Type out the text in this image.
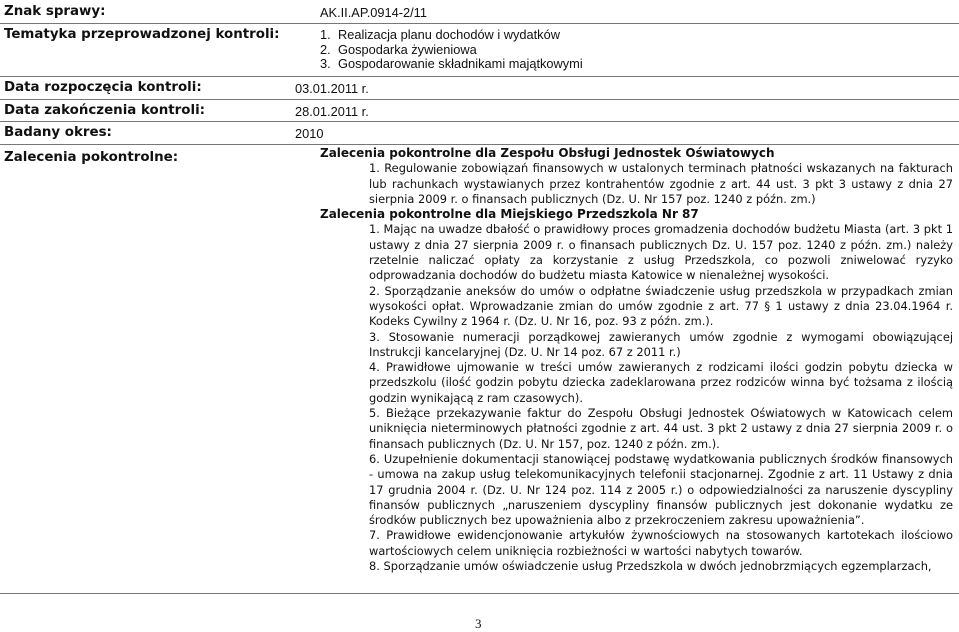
Znak sprawy:	AK.II.AP.0914-2/11
Tematyka przeprowadzonej kontroli:	1. Realizacja planu dochodów i wydatków
2. Gospodarka żywieniowa
3. Gospodarowanie składnikami majątkowymi
Data rozpoczęcia kontroli:	03.01.2011 r.
Data zakończenia kontroli:	28.01.2011 r.
Badany okres:	2010
Zalecenia pokontrolne:	Zalecenia pokontrolne dla Zespołu Obsługi Jednostek Oświatowych

1. Regulowanie zobowiązań finansowych w ustalonych terminach płatności wskazanych na fakturach lub rachunkach wystawianych przez kontrahentów zgodnie z art. 44 ust. 3 pkt 3 ustawy z dnia 27 sierpnia 2009 r. o finansach publicznych (Dz. U. Nr 157 poz. 1240 z późn. zm.)

Zalecenia pokontrolne dla Miejskiego Przedszkola Nr 87

1. Mając na uwadze dbałość o prawidłowy proces gromadzenia dochodów budżetu Miasta (art. 3 pkt 1 ustawy z dnia 27 sierpnia 2009 r. o finansach publicznych Dz. U. 157 poz. 1240 z późn. zm.) należy rzetelnie naliczać opłaty za korzystanie z usług Przedszkola, co pozwoli zniwelować ryzyko odprowadzania dochodów do budżetu miasta Katowice w nienależnej wysokości.

2. Sporządzanie aneksów do umów o odpłatne świadczenie usług przedszkola w przypadkach zmian wysokości opłat. Wprowadzanie zmian do umów zgodnie z art. 77 § 1 ustawy z dnia 23.04.1964 r. Kodeks Cywilny z 1964 r. (Dz. U. Nr 16, poz. 93 z późn. zm.).

3. Stosowanie numeracji porządkowej zawieranych umów zgodnie z wymogami obowiązującej Instrukcji kancelaryjnej (Dz. U. Nr 14 poz. 67 z 2011 r.)

4. Prawidłowe ujmowanie w treści umów zawieranych z rodzicami ilości godzin pobytu dziecka w przedszkolu (ilość godzin pobytu dziecka zadeklarowana przez rodziców winna być tożsama z ilością godzin wynikającą z ram czasowych).

5. Bieżące przekazywanie faktur do Zespołu Obsługi Jednostek Oświatowych w Katowicach celem uniknięcia nieterminowych płatności zgodnie z art. 44 ust. 3 pkt 2 ustawy z dnia 27 sierpnia 2009 r. o finansach publicznych (Dz. U. Nr 157, poz. 1240 z późn. zm.).

6. Uzupełnienie dokumentacji stanowiącej podstawę wydatkowania publicznych środków finansowych - umowa na zakup usług telekomunikacyjnych telefonii stacjonarnej. Zgodnie z art. 11 Ustawy z dnia 17 grudnia 2004 r. (Dz. U. Nr 124 poz. 114 z 2005 r.) o odpowiedzialności za naruszenie dyscypliny finansów publicznych „naruszeniem dyscypliny finansów publicznych jest dokonanie wydatku ze środków publicznych bez upoważnienia albo z przekroczeniem zakresu upoważnienia”.

7. Prawidłowe ewidencjonowanie artykułów żywnościowych na stosowanych kartotekach ilościowo wartościowych celem uniknięcia rozbieżności w wartości nabytych towarów.

8. Sporządzanie umów oświadczenie usług Przedszkola w dwóch jednobrzmiących egzemplarzach,

3
